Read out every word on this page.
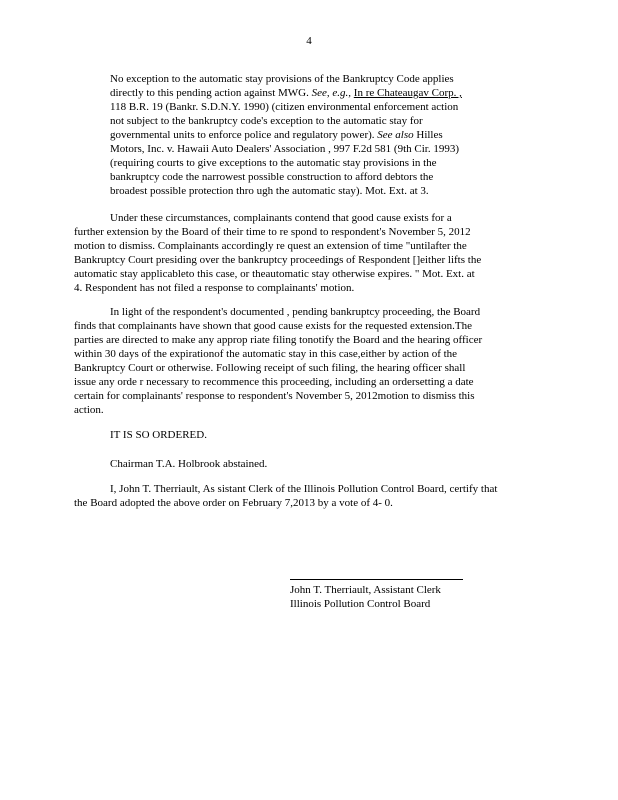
4
No exception to the automatic stay provisions of the Bankruptcy Code applies
directly to this pending action against MWG. See, e.g., In re Chateaugav Corp. ,
118 B.R. 19 (Bankr. S.D.N.Y. 1990) (citizen environmental enforcement action
not subject to the bankruptcy code's exception to the automatic stay for
governmental units to enforce police and regulatory power). See also Hilles
Motors, Inc. v. Hawaii Auto Dealers' Association , 997 F.2d 581 (9th Cir. 1993)
(requiring courts to give exceptions to the automatic stay provisions in the
bankruptcy code the narrowest possible construction to afford debtors the
broadest possible protection thro ugh the automatic stay). Mot. Ext. at 3.
Under these circumstances, complainants contend that good cause exists for a
further extension by the Board of their time to re spond to respondent's November 5, 2012
motion to dismiss. Complainants accordingly re quest an extension of time "untilafter the
Bankruptcy Court presiding over the bankruptcy proceedings of Respondent []either lifts the
automatic stay applicableto this case, or theautomatic stay otherwise expires. " Mot. Ext. at
4. Respondent has not filed a response to complainants' motion.
In light of the respondent's documented , pending bankruptcy proceeding, the Board
finds that complainants have shown that good cause exists for the requested extension.The
parties are directed to make any approp riate filing tonotify the Board and the hearing officer
within 30 days of the expirationof the automatic stay in this case,either by action of the
Bankruptcy Court or otherwise. Following receipt of such filing, the hearing officer shall
issue any orde r necessary to recommence this proceeding, including an ordersetting a date
certain for complainants' response to respondent's November 5, 2012motion to dismiss this
action.
IT IS SO ORDERED.
Chairman T.A. Holbrook abstained.
I, John T. Therriault, As sistant Clerk of the Illinois Pollution Control Board, certify that
the Board adopted the above order on February 7,2013 by a vote of 4- 0.
John T. Therriault, Assistant Clerk
Illinois Pollution Control Board
